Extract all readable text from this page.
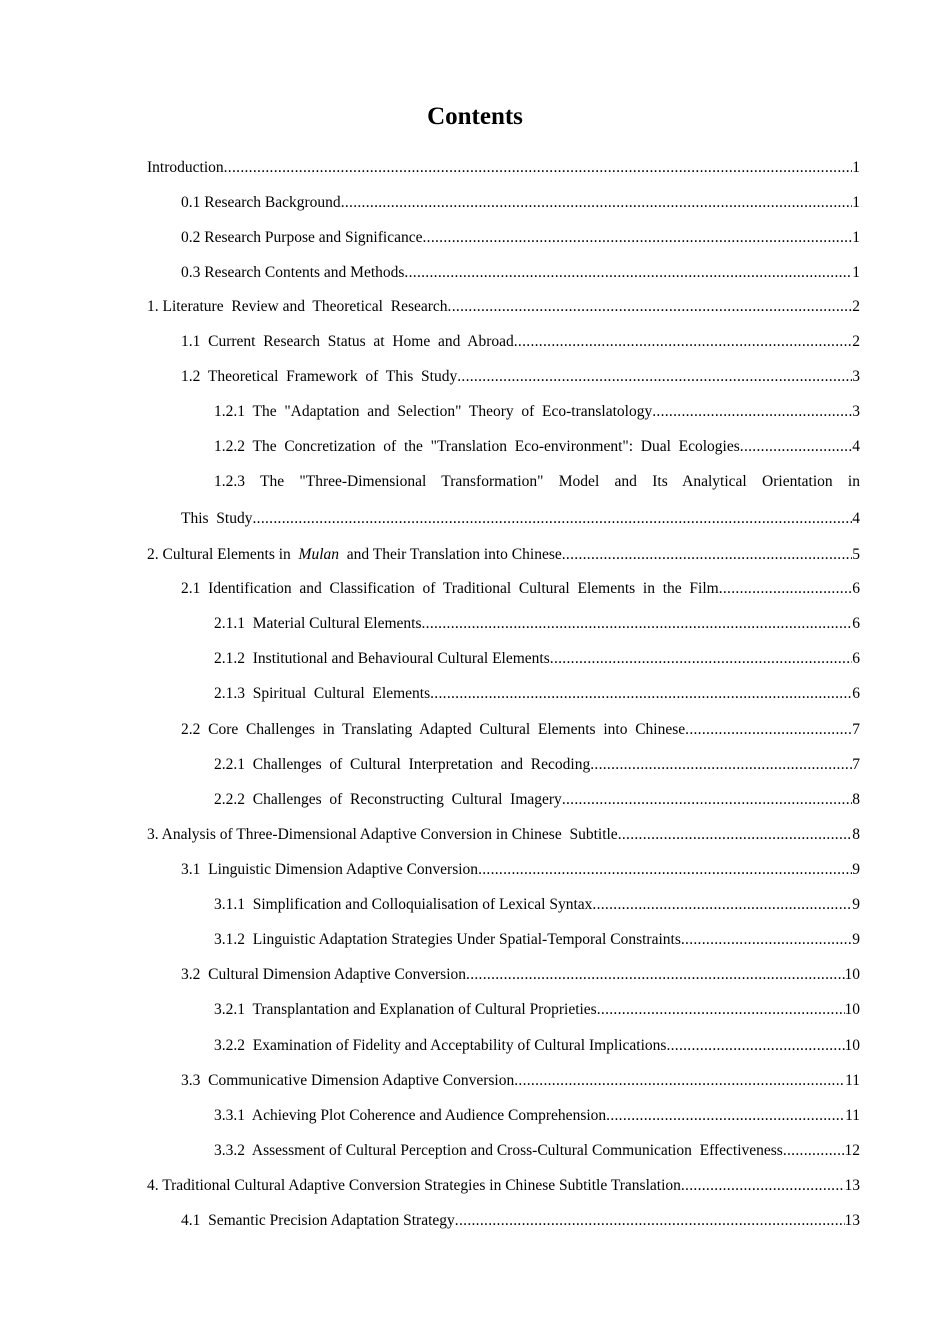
Contents
Introduction .....	1
0.1 Research Background .....	1
0.2 Research Purpose and Significance .....	1
0.3 Research Contents and Methods .....	1
1. Literature  Review and  Theoretical  Research .....	2
1.1  Current  Research  Status  at  Home  and  Abroad .....	2
1.2  Theoretical  Framework  of  This  Study .....	3
1.2.1  The  "Adaptation  and  Selection"  Theory  of  Eco-translatology .....	3
1.2.2  The  Concretization  of  the  "Translation  Eco-environment":  Dual  Ecologies .....	4
1.2.3 The "Three-Dimensional Transformation" Model and Its Analytical Orientation in
This  Study .....	4
2. Cultural Elements in  Mulan  and Their Translation into Chinese .....	5
2.1  Identification  and  Classification  of  Traditional  Cultural  Elements  in  the  Film .....	6
2.1.1  Material Cultural Elements .....	6
2.1.2  Institutional and Behavioural Cultural Elements .....	6
2.1.3  Spiritual  Cultural  Elements .....	6
2.2  Core  Challenges  in  Translating  Adapted  Cultural  Elements  into  Chinese .....	7
2.2.1  Challenges  of  Cultural  Interpretation  and  Recoding .....	7
2.2.2  Challenges  of  Reconstructing  Cultural  Imagery .....	8
3. Analysis of Three-Dimensional Adaptive Conversion in Chinese  Subtitle .....	8
3.1  Linguistic Dimension Adaptive Conversion .....	9
3.1.1  Simplification and Colloquialisation of Lexical Syntax .....	9
3.1.2  Linguistic Adaptation Strategies Under Spatial-Temporal Constraints .....	9
3.2  Cultural Dimension Adaptive Conversion .....	10
3.2.1  Transplantation and Explanation of Cultural Proprieties .....	10
3.2.2  Examination of Fidelity and Acceptability of Cultural Implications .....	10
3.3  Communicative Dimension Adaptive Conversion .....	11
3.3.1  Achieving Plot Coherence and Audience Comprehension .....	11
3.3.2  Assessment of Cultural Perception and Cross-Cultural Communication  Effectiveness .....	12
4. Traditional Cultural Adaptive Conversion Strategies in Chinese Subtitle Translation .....	13
4.1  Semantic Precision Adaptation Strategy .....	13
